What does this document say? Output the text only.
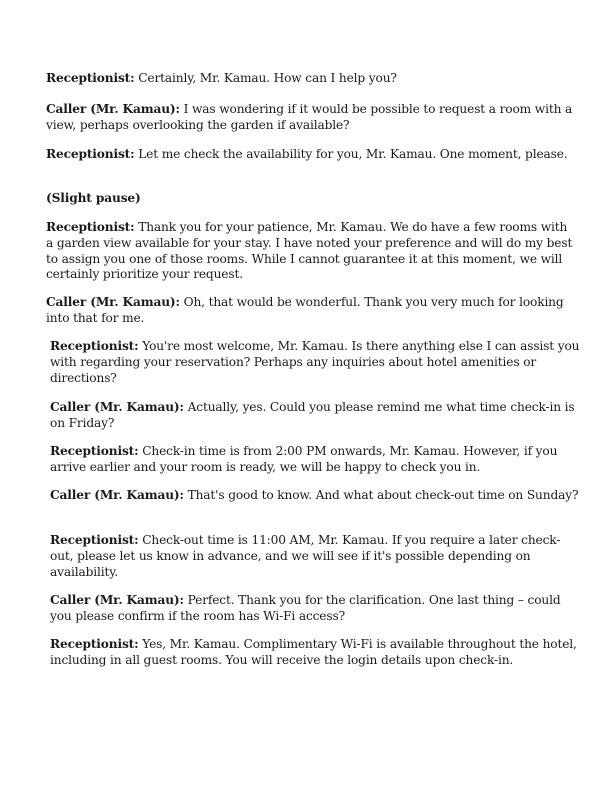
Receptionist: Certainly, Mr. Kamau. How can I help you?

Caller (Mr. Kamau): I was wondering if it would be possible to request a room with a view, perhaps overlooking the garden if available?

Receptionist: Let me check the availability for you, Mr. Kamau. One moment, please.

(Slight pause)

Receptionist: Thank you for your patience, Mr. Kamau. We do have a few rooms with a garden view available for your stay. I have noted your preference and will do my best to assign you one of those rooms. While I cannot guarantee it at this moment, we will certainly prioritize your request.

Caller (Mr. Kamau): Oh, that would be wonderful. Thank you very much for looking into that for me.

Receptionist: You're most welcome, Mr. Kamau. Is there anything else I can assist you with regarding your reservation? Perhaps any inquiries about hotel amenities or directions?

Caller (Mr. Kamau): Actually, yes. Could you please remind me what time check-in is on Friday?

Receptionist: Check-in time is from 2:00 PM onwards, Mr. Kamau. However, if you arrive earlier and your room is ready, we will be happy to check you in.

Caller (Mr. Kamau): That's good to know. And what about check-out time on Sunday?

Receptionist: Check-out time is 11:00 AM, Mr. Kamau. If you require a later check-out, please let us know in advance, and we will see if it's possible depending on availability.

Caller (Mr. Kamau): Perfect. Thank you for the clarification. One last thing – could you please confirm if the room has Wi-Fi access?

Receptionist: Yes, Mr. Kamau. Complimentary Wi-Fi is available throughout the hotel, including in all guest rooms. You will receive the login details upon check-in.
